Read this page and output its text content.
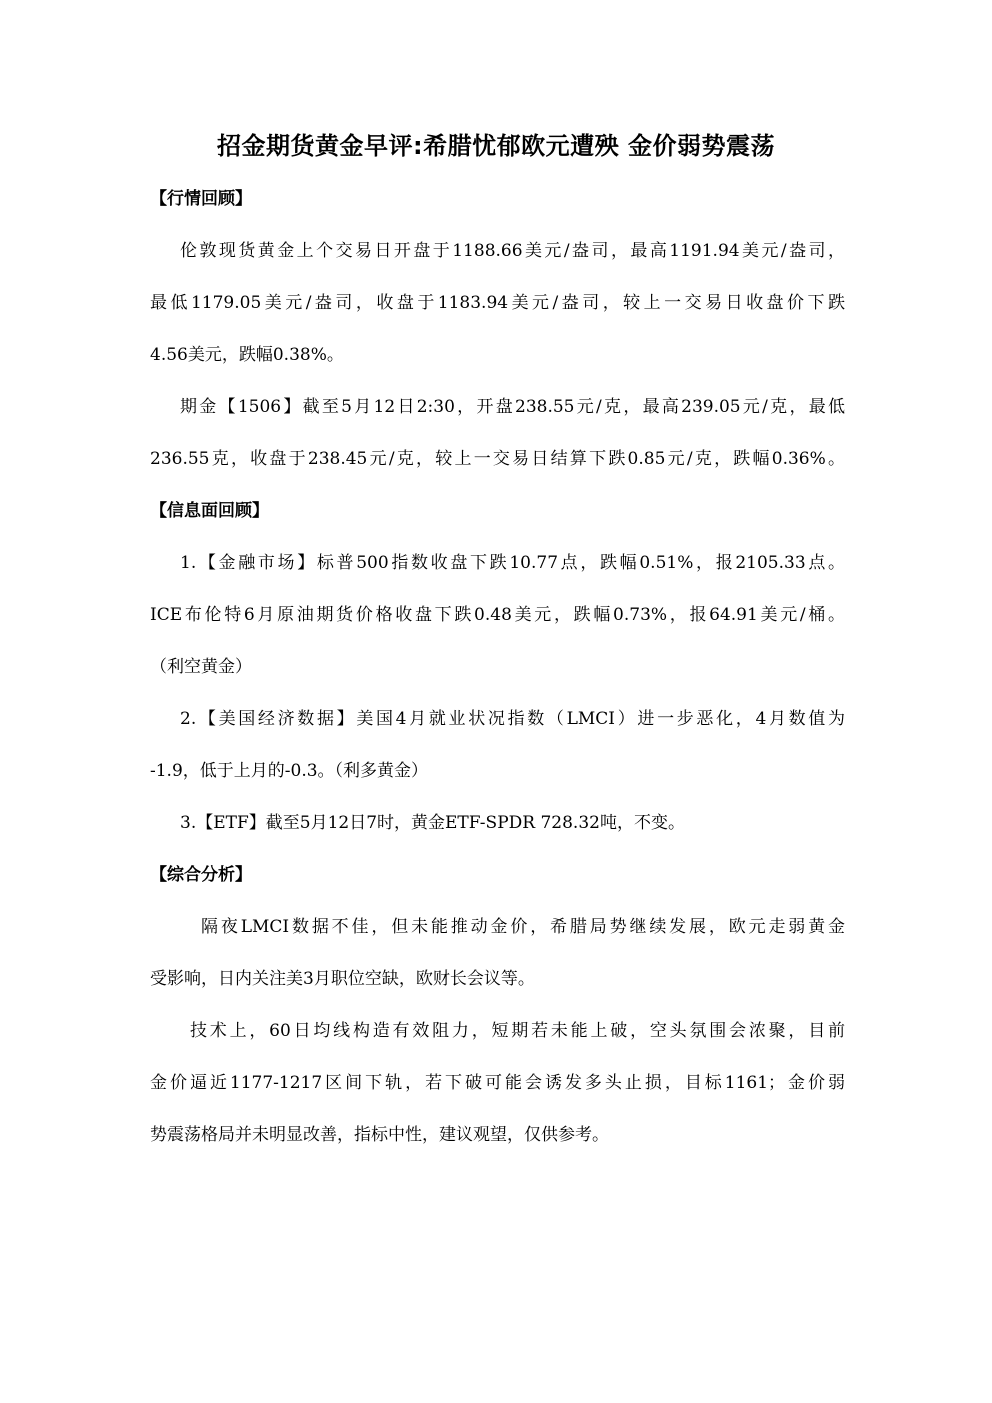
招金期货黄金早评:希腊忧郁欧元遭殃 金价弱势震荡
【行情回顾】
伦敦现货黄金上个交易日开盘于1188.66美元/盎司，最高1191.94美元/盎司，
最低1179.05美元/盎司，收盘于1183.94美元/盎司，较上一交易日收盘价下跌
4.56美元，跌幅0.38%。
期金【1506】截至5月12日2:30，开盘238.55元/克，最高239.05元/克，最低
236.55克，收盘于238.45元/克，较上一交易日结算下跌0.85元/克，跌幅0.36%。
【信息面回顾】
1.【金融市场】标普500指数收盘下跌10.77点，跌幅0.51%，报2105.33点。
ICE布伦特6月原油期货价格收盘下跌0.48美元，跌幅0.73%，报64.91美元/桶。
（利空黄金）
2.【美国经济数据】美国4月就业状况指数（LMCI）进一步恶化，4月数值为
-1.9，低于上月的-0.3。（利多黄金）
3.【ETF】截至5月12日7时，黄金ETF-SPDR 728.32吨，不变。
【综合分析】
隔夜LMCI数据不佳，但未能推动金价，希腊局势继续发展，欧元走弱黄金
受影响，日内关注美3月职位空缺，欧财长会议等。
技术上，60日均线构造有效阻力，短期若未能上破，空头氛围会浓聚，目前
金价逼近1177-1217区间下轨，若下破可能会诱发多头止损，目标1161；金价弱
势震荡格局并未明显改善，指标中性，建议观望，仅供参考。
